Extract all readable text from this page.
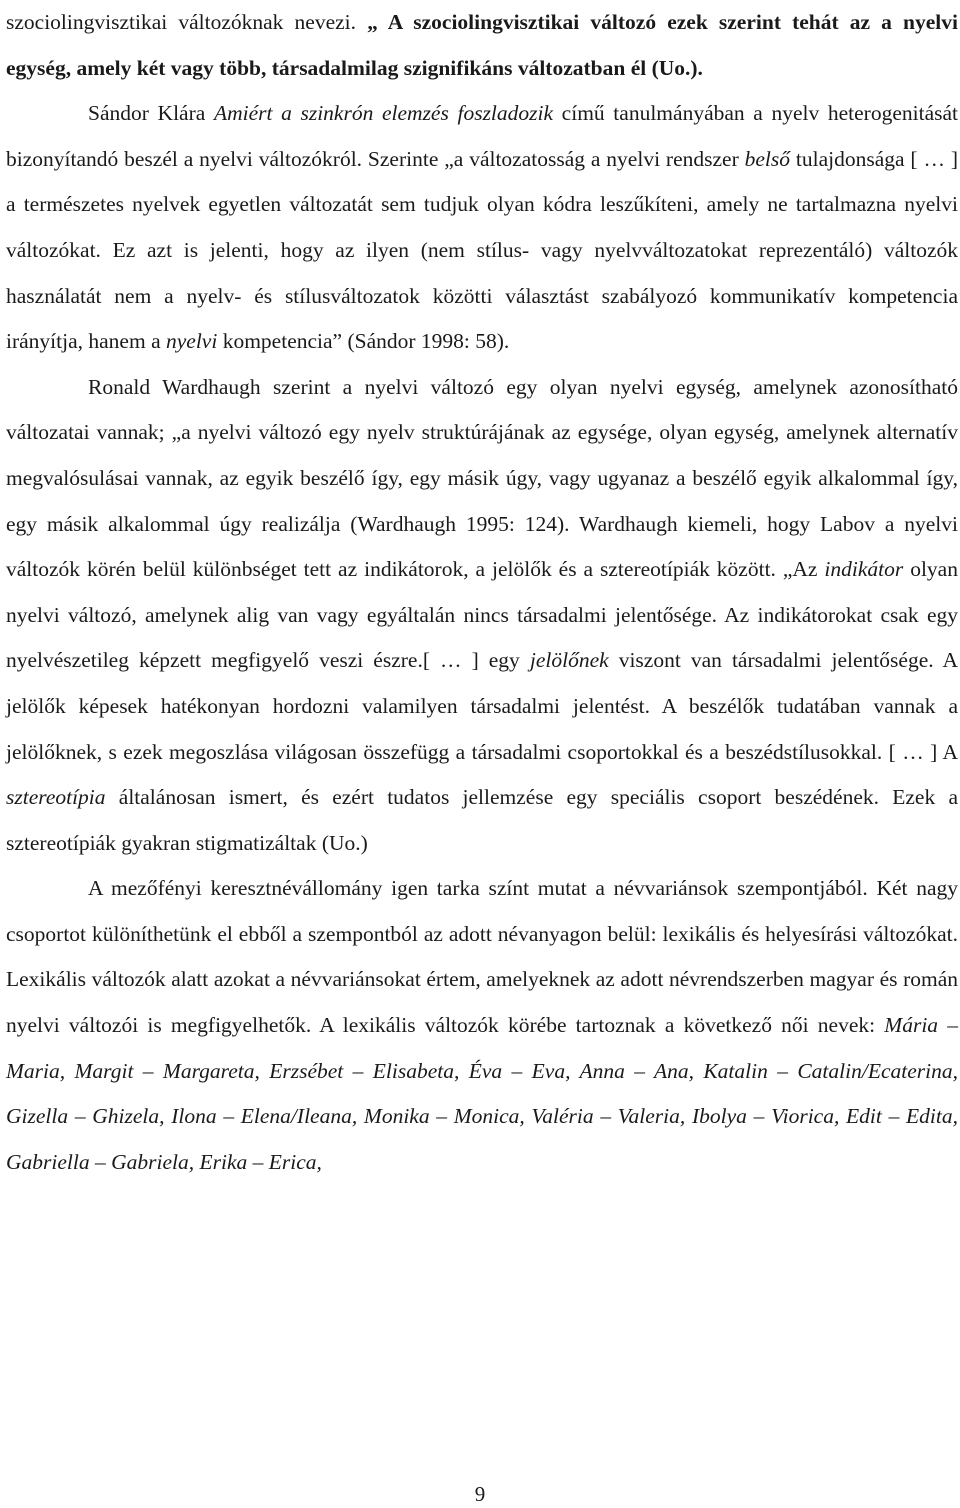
szociolingvisztikai változóknak nevezi. „ A szociolingvisztikai változó ezek szerint tehát az a nyelvi egység, amely két vagy több, társadalmilag szignifikáns változatban él (Uo.).

Sándor Klára Amiért a szinkrón elemzés foszladozik című tanulmányában a nyelv heterogenitását bizonyítandó beszél a nyelvi változókról. Szerinte „a változatosság a nyelvi rendszer belső tulajdonsága [ … ] a természetes nyelvek egyetlen változatát sem tudjuk olyan kódra leszűkíteni, amely ne tartalmazna nyelvi változókat. Ez azt is jelenti, hogy az ilyen (nem stílus- vagy nyelvváltozatokat reprezentáló) változók használatát nem a nyelv- és stílusváltozatok közötti választást szabályozó kommunikatív kompetencia irányítja, hanem a nyelvi kompetencia” (Sándor 1998: 58).

Ronald Wardhaugh szerint a nyelvi változó egy olyan nyelvi egység, amelynek azonosítható változatai vannak; „a nyelvi változó egy nyelv struktúrájának az egysége, olyan egység, amelynek alternatív megvalósulásai vannak, az egyik beszélő így, egy másik úgy, vagy ugyanaz a beszélő egyik alkalommal így, egy másik alkalommal úgy realizálja (Wardhaugh 1995: 124). Wardhaugh kiemeli, hogy Labov a nyelvi változók körén belül különbséget tett az indikátorok, a jelölők és a sztereotípiák között. „Az indikátor olyan nyelvi változó, amelynek alig van vagy egyáltalán nincs társadalmi jelentősége. Az indikátorokat csak egy nyelvészetileg képzett megfigyelő veszi észre.[ … ] egy jelölőnek viszont van társadalmi jelentősége. A jelölők képesek hatékonyan hordozni valamilyen társadalmi jelentést. A beszélők tudatában vannak a jelölőknek, s ezek megoszlása világosan összefügg a társadalmi csoportokkal és a beszédstílusokkal. [ … ] A sztereotípia általánosan ismert, és ezért tudatos jellemzése egy speciális csoport beszédének. Ezek a sztereotípiák gyakran stigmatizáltak (Uo.)

A mezőfényi keresztnévállomány igen tarka színt mutat a névvariánsok szempontjából. Két nagy csoportot különíthetünk el ebből a szempontból az adott névanyagon belül: lexikális és helyesírási változókat. Lexikális változók alatt azokat a névvariánsokat értem, amelyeknek az adott névrendszerben magyar és román nyelvi változói is megfigyelhetők. A lexikális változók körébe tartoznak a következő női nevek: Mária – Maria, Margit – Margareta, Erzsébet – Elisabeta, Éva – Eva, Anna – Ana, Katalin – Catalin/Ecaterina, Gizella – Ghizela, Ilona – Elena/Ileana, Monika – Monica, Valéria – Valeria, Ibolya – Viorica, Edit – Edita, Gabriella – Gabriela, Erika – Erica,

9
